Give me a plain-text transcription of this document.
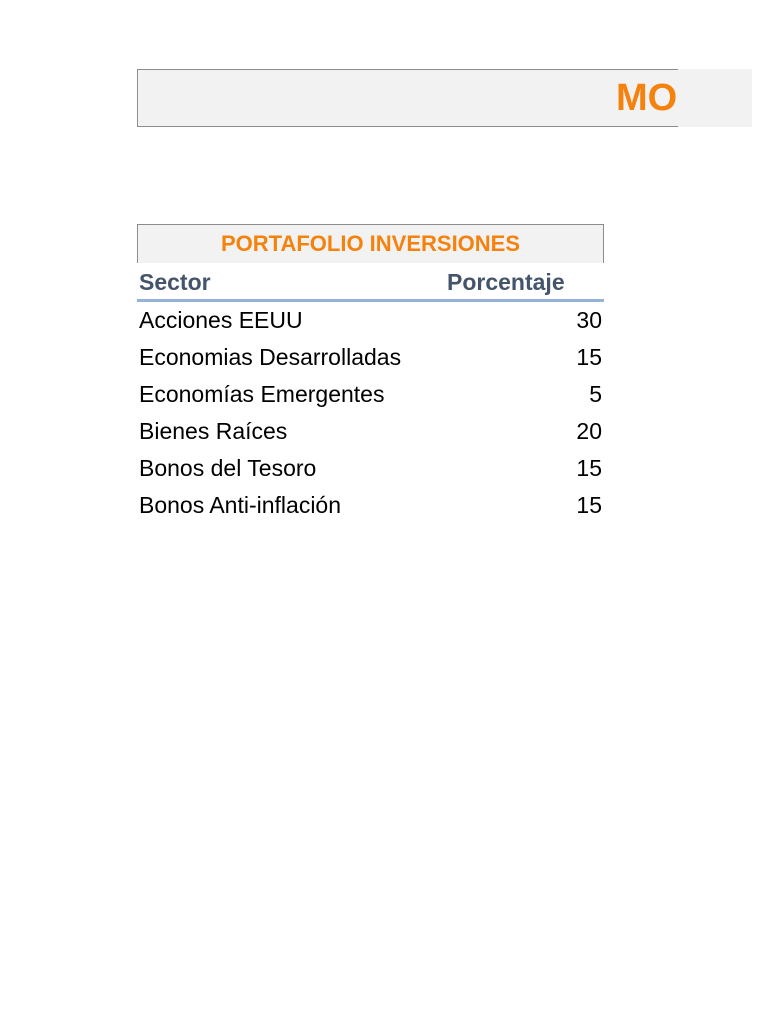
MO
PORTAFOLIO INVERSIONES
Sector	Porcentaje
Acciones EEUU	30
Economias Desarrolladas	15
Economías Emergentes	5
Bienes Raíces	20
Bonos del Tesoro	15
Bonos Anti-inflación	15
